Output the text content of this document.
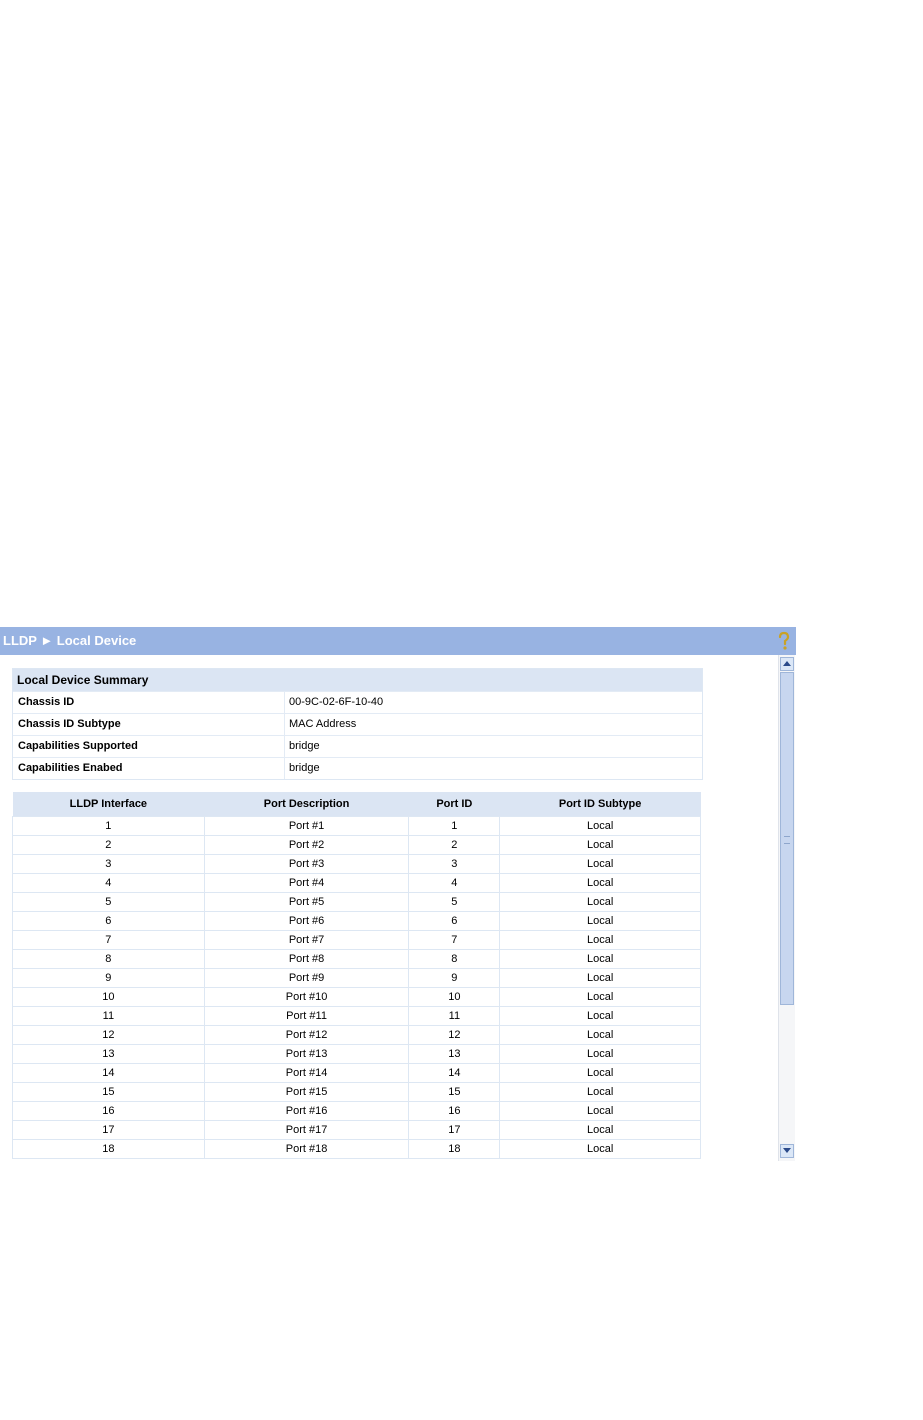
LLDP ► Local Device
Local Device Summary
Chassis ID	00-9C-02-6F-10-40
Chassis ID Subtype	MAC Address
Capabilities Supported	bridge
Capabilities Enabed	bridge
LLDP Interface	Port Description	Port ID	Port ID Subtype
1	Port #1	1	Local
2	Port #2	2	Local
3	Port #3	3	Local
4	Port #4	4	Local
5	Port #5	5	Local
6	Port #6	6	Local
7	Port #7	7	Local
8	Port #8	8	Local
9	Port #9	9	Local
10	Port #10	10	Local
11	Port #11	11	Local
12	Port #12	12	Local
13	Port #13	13	Local
14	Port #14	14	Local
15	Port #15	15	Local
16	Port #16	16	Local
17	Port #17	17	Local
18	Port #18	18	Local
